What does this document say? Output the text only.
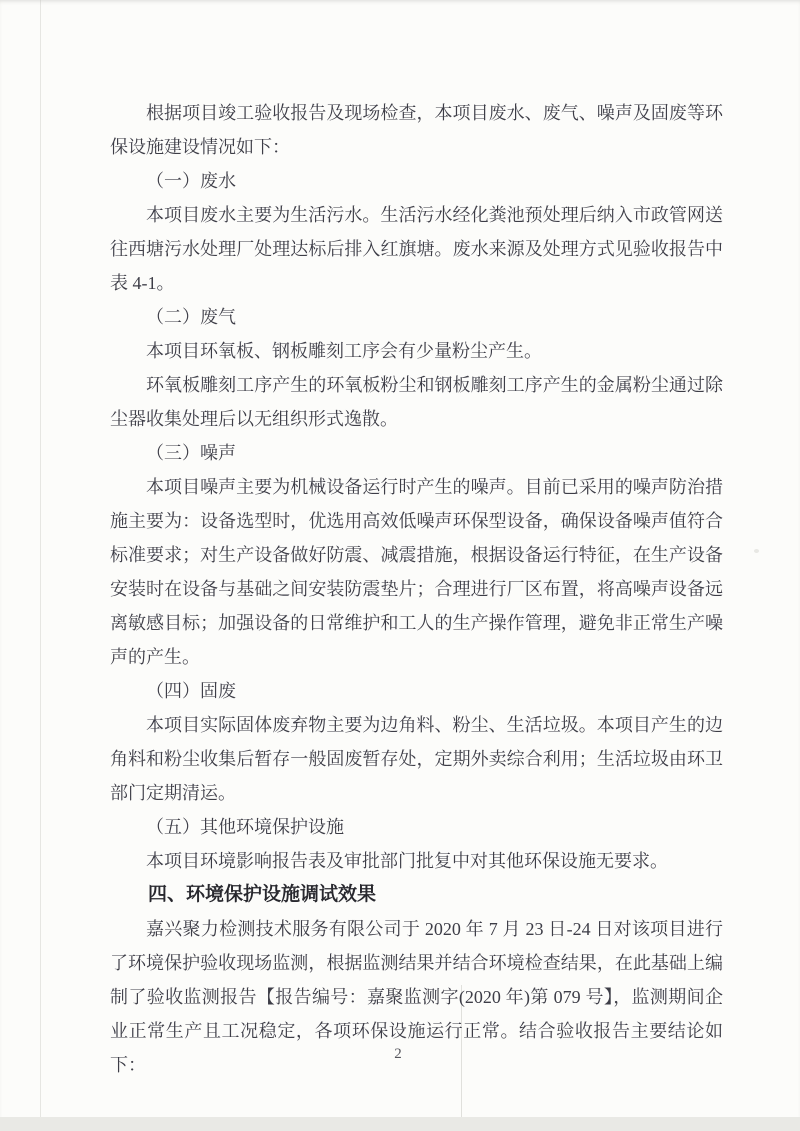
根据项目竣工验收报告及现场检查，本项目废水、废气、噪声及固废等环保设施建设情况如下：

（一）废水

本项目废水主要为生活污水。生活污水经化粪池预处理后纳入市政管网送往西塘污水处理厂处理达标后排入红旗塘。废水来源及处理方式见验收报告中表 4-1。

（二）废气

本项目环氧板、钢板雕刻工序会有少量粉尘产生。

环氧板雕刻工序产生的环氧板粉尘和钢板雕刻工序产生的金属粉尘通过除尘器收集处理后以无组织形式逸散。

（三）噪声

本项目噪声主要为机械设备运行时产生的噪声。目前已采用的噪声防治措施主要为：设备选型时，优选用高效低噪声环保型设备，确保设备噪声值符合标准要求；对生产设备做好防震、减震措施，根据设备运行特征，在生产设备安装时在设备与基础之间安装防震垫片；合理进行厂区布置，将高噪声设备远离敏感目标；加强设备的日常维护和工人的生产操作管理，避免非正常生产噪声的产生。

（四）固废

本项目实际固体废弃物主要为边角料、粉尘、生活垃圾。本项目产生的边角料和粉尘收集后暂存一般固废暂存处，定期外卖综合利用；生活垃圾由环卫部门定期清运。

（五）其他环境保护设施

本项目环境影响报告表及审批部门批复中对其他环保设施无要求。

四、环境保护设施调试效果

嘉兴聚力检测技术服务有限公司于 2020 年 7 月 23 日-24 日对该项目进行了环境保护验收现场监测，根据监测结果并结合环境检查结果，在此基础上编制了验收监测报告【报告编号：嘉聚监测字(2020 年)第 079 号】，监测期间企业正常生产且工况稳定，各项环保设施运行正常。结合验收报告主要结论如下：

2
